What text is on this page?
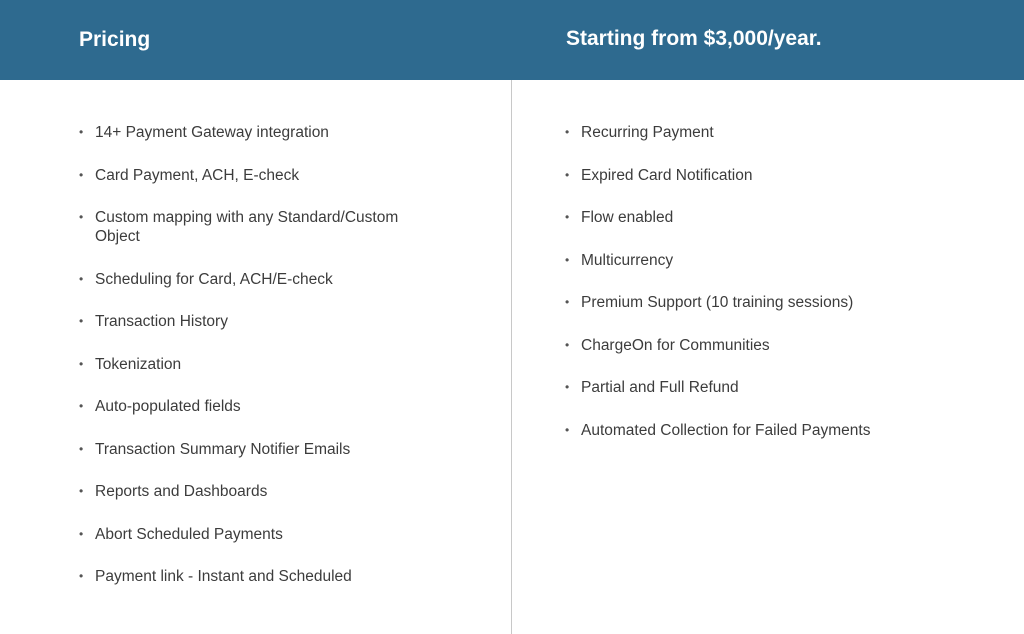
Pricing	Starting from $3,000/year.
• 14+ Payment Gateway integration
• Card Payment, ACH, E-check
• Custom mapping with any Standard/Custom Object
• Scheduling for Card, ACH/E-check
• Transaction History
• Tokenization
• Auto-populated fields
• Transaction Summary Notifier Emails
• Reports and Dashboards
• Abort Scheduled Payments
• Payment link - Instant and Scheduled
• Recurring Payment
• Expired Card Notification
• Flow enabled
• Multicurrency
• Premium Support (10 training sessions)
• ChargeOn for Communities
• Partial and Full Refund
• Automated Collection for Failed Payments
